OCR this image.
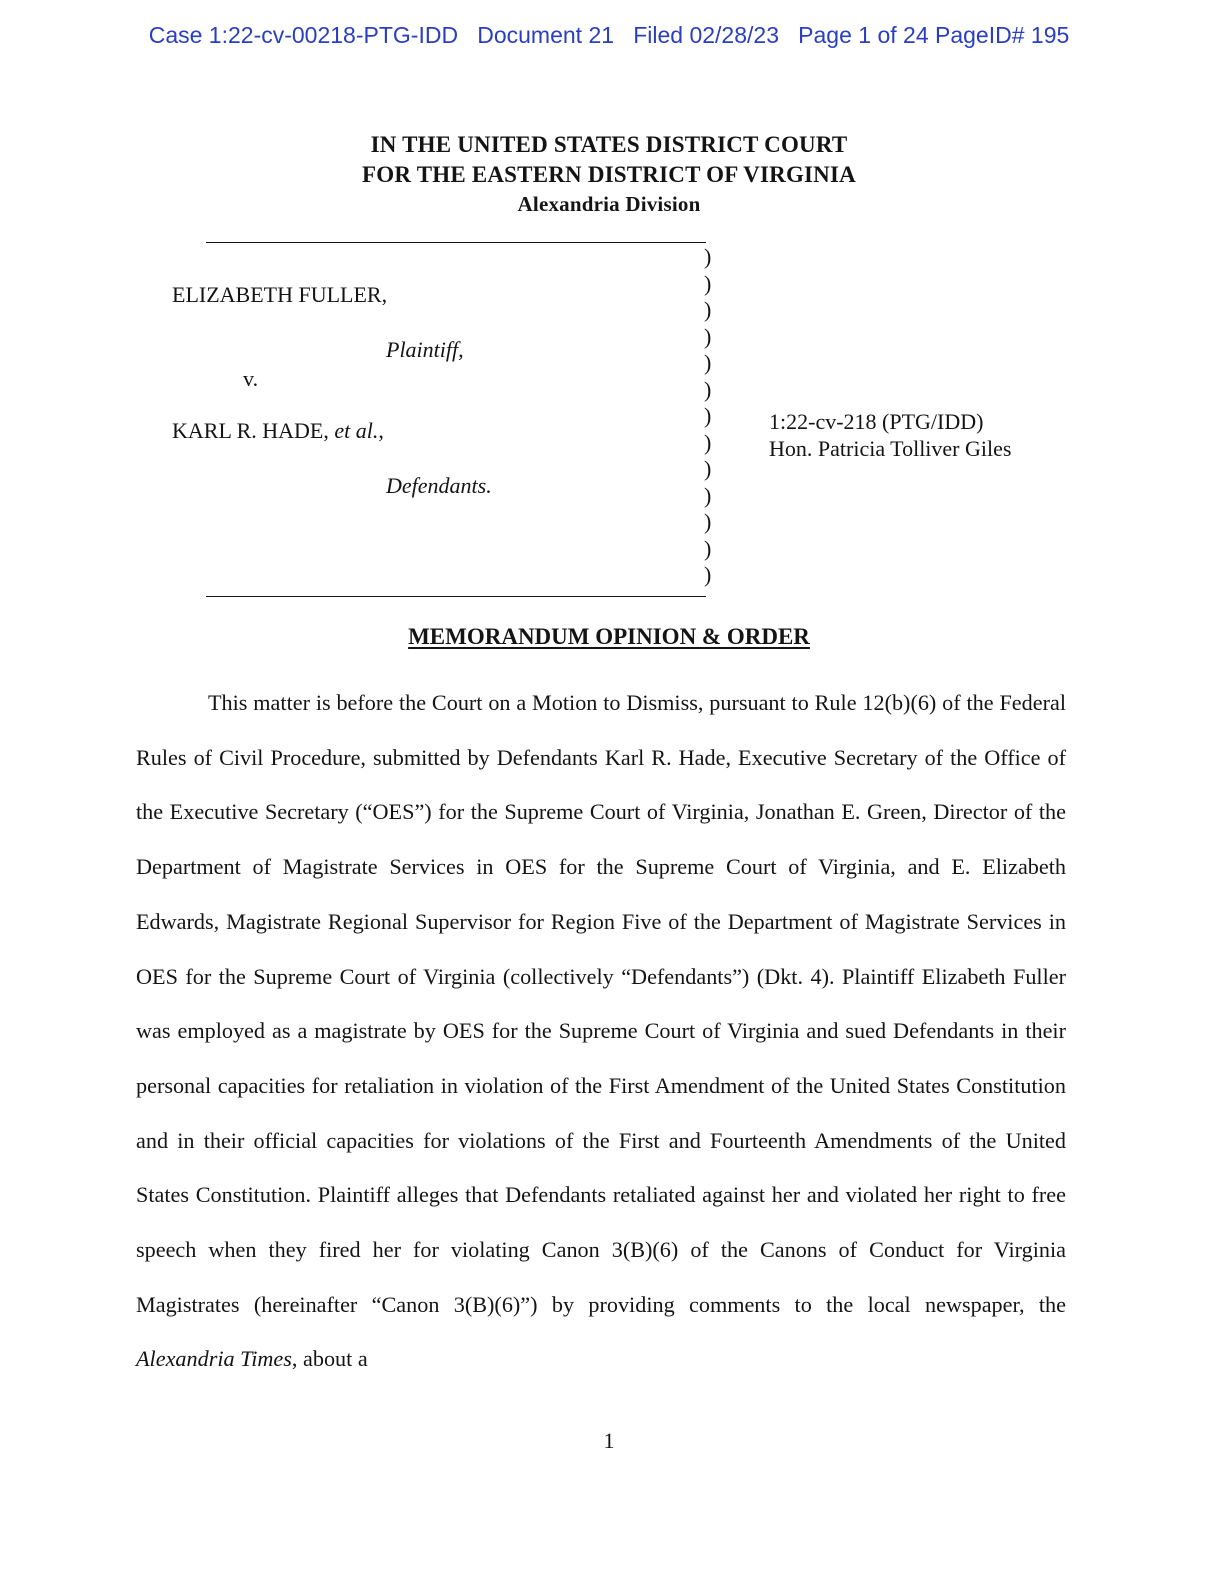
Case 1:22-cv-00218-PTG-IDD Document 21 Filed 02/28/23 Page 1 of 24 PageID# 195
IN THE UNITED STATES DISTRICT COURT
FOR THE EASTERN DISTRICT OF VIRGINIA
Alexandria Division
)
)
)
)
)
)
)
)
)
)
)
)
)
ELIZABETH FULLER,
Plaintiff,
v.
KARL R. HADE, et al.,
Defendants.
1:22-cv-218 (PTG/IDD)
Hon. Patricia Tolliver Giles
MEMORANDUM OPINION & ORDER

This matter is before the Court on a Motion to Dismiss, pursuant to Rule 12(b)(6) of the Federal Rules of Civil Procedure, submitted by Defendants Karl R. Hade, Executive Secretary of the Office of the Executive Secretary (“OES”) for the Supreme Court of Virginia, Jonathan E. Green, Director of the Department of Magistrate Services in OES for the Supreme Court of Virginia, and E. Elizabeth Edwards, Magistrate Regional Supervisor for Region Five of the Department of Magistrate Services in OES for the Supreme Court of Virginia (collectively “Defendants”) (Dkt. 4). Plaintiff Elizabeth Fuller was employed as a magistrate by OES for the Supreme Court of Virginia and sued Defendants in their personal capacities for retaliation in violation of the First Amendment of the United States Constitution and in their official capacities for violations of the First and Fourteenth Amendments of the United States Constitution. Plaintiff alleges that Defendants retaliated against her and violated her right to free speech when they fired her for violating Canon 3(B)(6) of the Canons of Conduct for Virginia Magistrates (hereinafter “Canon 3(B)(6)”) by providing comments to the local newspaper, the Alexandria Times, about a

1
